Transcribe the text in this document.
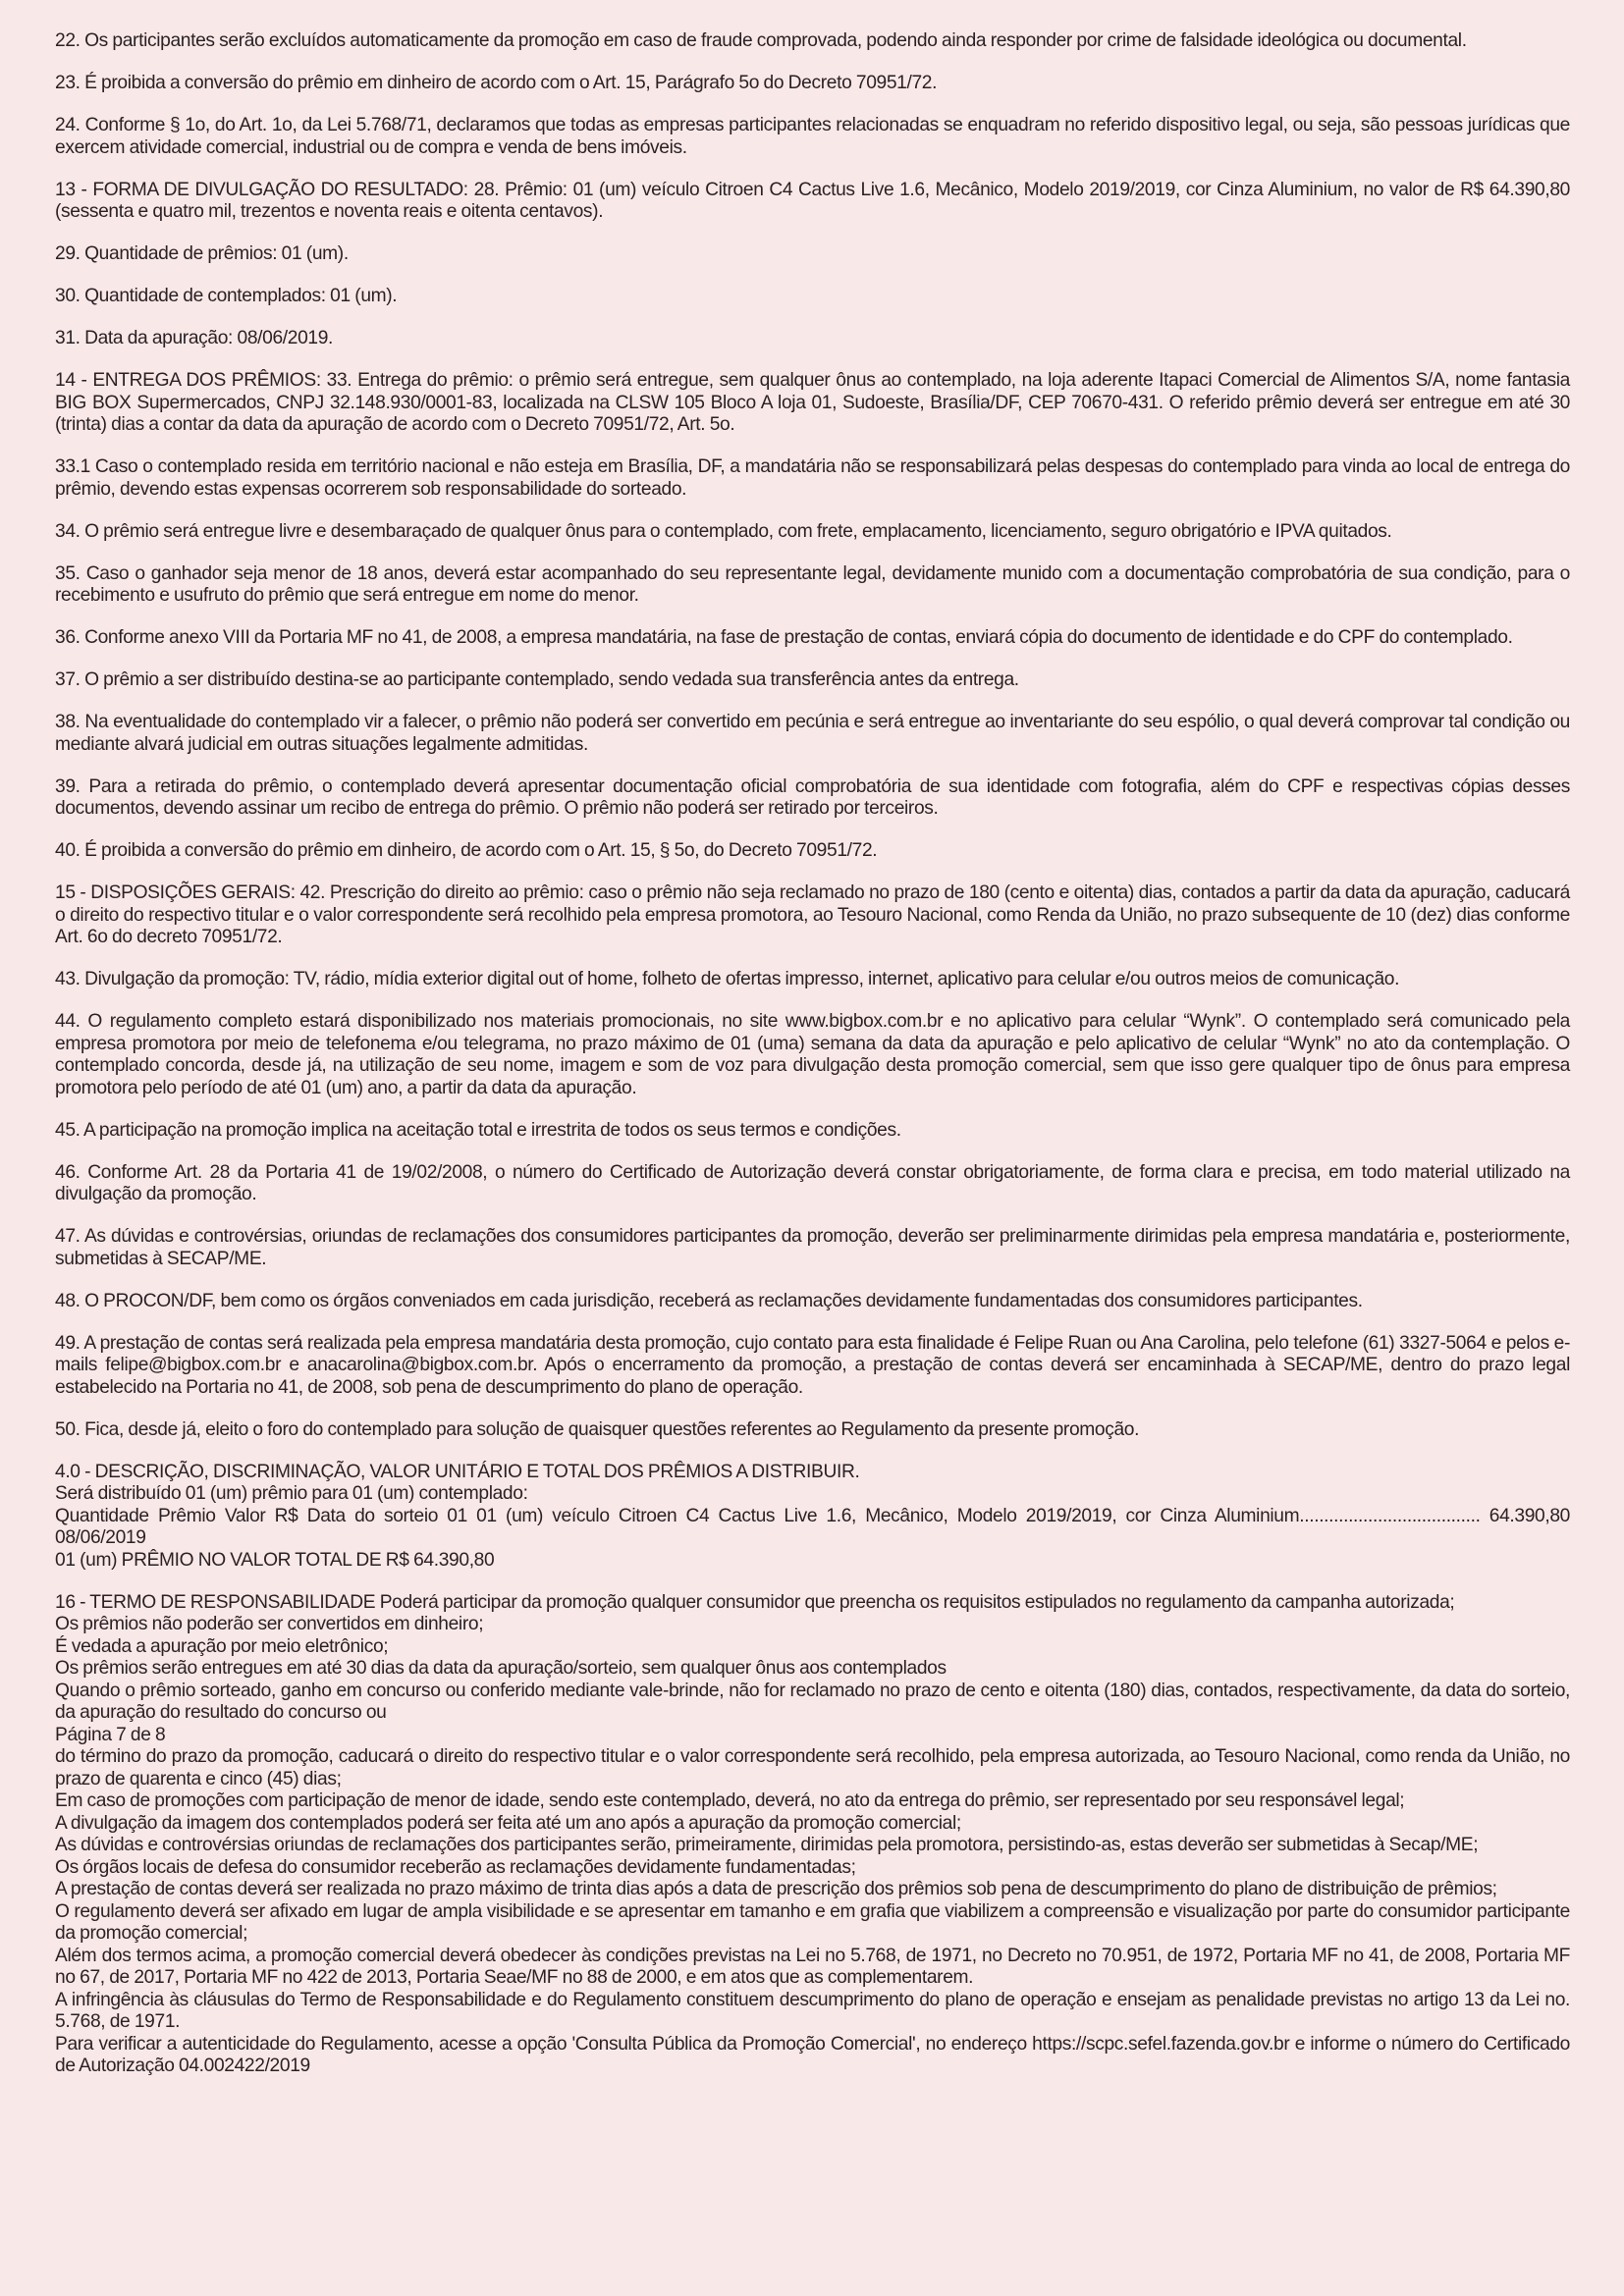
22. Os participantes serão excluídos automaticamente da promoção em caso de fraude comprovada, podendo ainda responder por crime de falsidade ideológica ou documental.

23. É proibida a conversão do prêmio em dinheiro de acordo com o Art. 15, Parágrafo 5o do Decreto 70951/72.

24. Conforme § 1o, do Art. 1o, da Lei 5.768/71, declaramos que todas as empresas participantes relacionadas se enquadram no referido dispositivo legal, ou seja, são pessoas jurídicas que exercem atividade comercial, industrial ou de compra e venda de bens imóveis.

13 - FORMA DE DIVULGAÇÃO DO RESULTADO: 28. Prêmio: 01 (um) veículo Citroen C4 Cactus Live 1.6, Mecânico, Modelo 2019/2019, cor Cinza Aluminium, no valor de R$ 64.390,80 (sessenta e quatro mil, trezentos e noventa reais e oitenta centavos).

29. Quantidade de prêmios: 01 (um).

30. Quantidade de contemplados: 01 (um).

31. Data da apuração: 08/06/2019.

14 - ENTREGA DOS PRÊMIOS: 33. Entrega do prêmio: o prêmio será entregue, sem qualquer ônus ao contemplado, na loja aderente Itapaci Comercial de Alimentos S/A, nome fantasia BIG BOX Supermercados, CNPJ 32.148.930/0001-83, localizada na CLSW 105 Bloco A loja 01, Sudoeste, Brasília/DF, CEP 70670-431. O referido prêmio deverá ser entregue em até 30 (trinta) dias a contar da data da apuração de acordo com o Decreto 70951/72, Art. 5o.

33.1 Caso o contemplado resida em território nacional e não esteja em Brasília, DF, a mandatária não se responsabilizará pelas despesas do contemplado para vinda ao local de entrega do prêmio, devendo estas expensas ocorrerem sob responsabilidade do sorteado.

34. O prêmio será entregue livre e desembaraçado de qualquer ônus para o contemplado, com frete, emplacamento, licenciamento, seguro obrigatório e IPVA quitados.

35. Caso o ganhador seja menor de 18 anos, deverá estar acompanhado do seu representante legal, devidamente munido com a documentação comprobatória de sua condição, para o recebimento e usufruto do prêmio que será entregue em nome do menor.

36. Conforme anexo VIII da Portaria MF no 41, de 2008, a empresa mandatária, na fase de prestação de contas, enviará cópia do documento de identidade e do CPF do contemplado.

37. O prêmio a ser distribuído destina-se ao participante contemplado, sendo vedada sua transferência antes da entrega.

38. Na eventualidade do contemplado vir a falecer, o prêmio não poderá ser convertido em pecúnia e será entregue ao inventariante do seu espólio, o qual deverá comprovar tal condição ou mediante alvará judicial em outras situações legalmente admitidas.

39. Para a retirada do prêmio, o contemplado deverá apresentar documentação oficial comprobatória de sua identidade com fotografia, além do CPF e respectivas cópias desses documentos, devendo assinar um recibo de entrega do prêmio. O prêmio não poderá ser retirado por terceiros.

40. É proibida a conversão do prêmio em dinheiro, de acordo com o Art. 15, § 5o, do Decreto 70951/72.

15 - DISPOSIÇÕES GERAIS: 42. Prescrição do direito ao prêmio: caso o prêmio não seja reclamado no prazo de 180 (cento e oitenta) dias, contados a partir da data da apuração, caducará o direito do respectivo titular e o valor correspondente será recolhido pela empresa promotora, ao Tesouro Nacional, como Renda da União, no prazo subsequente de 10 (dez) dias conforme Art. 6o do decreto 70951/72.

43. Divulgação da promoção: TV, rádio, mídia exterior digital out of home, folheto de ofertas impresso, internet, aplicativo para celular e/ou outros meios de comunicação.

44. O regulamento completo estará disponibilizado nos materiais promocionais, no site www.bigbox.com.br e no aplicativo para celular “Wynk”. O contemplado será comunicado pela empresa promotora por meio de telefonema e/ou telegrama, no prazo máximo de 01 (uma) semana da data da apuração e pelo aplicativo de celular “Wynk” no ato da contemplação. O contemplado concorda, desde já, na utilização de seu nome, imagem e som de voz para divulgação desta promoção comercial, sem que isso gere qualquer tipo de ônus para empresa promotora pelo período de até 01 (um) ano, a partir da data da apuração.

45. A participação na promoção implica na aceitação total e irrestrita de todos os seus termos e condições.

46. Conforme Art. 28 da Portaria 41 de 19/02/2008, o número do Certificado de Autorização deverá constar obrigatoriamente, de forma clara e precisa, em todo material utilizado na divulgação da promoção.

47. As dúvidas e controvérsias, oriundas de reclamações dos consumidores participantes da promoção, deverão ser preliminarmente dirimidas pela empresa mandatária e, posteriormente, submetidas à SECAP/ME.

48. O PROCON/DF, bem como os órgãos conveniados em cada jurisdição, receberá as reclamações devidamente fundamentadas dos consumidores participantes.

49. A prestação de contas será realizada pela empresa mandatária desta promoção, cujo contato para esta finalidade é Felipe Ruan ou Ana Carolina, pelo telefone (61) 3327-5064 e pelos e-mails felipe@bigbox.com.br e anacarolina@bigbox.com.br. Após o encerramento da promoção, a prestação de contas deverá ser encaminhada à SECAP/ME, dentro do prazo legal estabelecido na Portaria no 41, de 2008, sob pena de descumprimento do plano de operação.

50. Fica, desde já, eleito o foro do contemplado para solução de quaisquer questões referentes ao Regulamento da presente promoção.

4.0 - DESCRIÇÃO, DISCRIMINAÇÃO, VALOR UNITÁRIO E TOTAL DOS PRÊMIOS A DISTRIBUIR.
Será distribuído 01 (um) prêmio para 01 (um) contemplado:
Quantidade Prêmio Valor R$ Data do sorteio 01 01 (um) veículo Citroen C4 Cactus Live 1.6, Mecânico, Modelo 2019/2019, cor Cinza Aluminium..................................... 64.390,80
08/06/2019
01 (um) PRÊMIO NO VALOR TOTAL DE R$ 64.390,80

16 - TERMO DE RESPONSABILIDADE Poderá participar da promoção qualquer consumidor que preencha os requisitos estipulados no regulamento da campanha autorizada;

Os prêmios não poderão ser convertidos em dinheiro;

É vedada a apuração por meio eletrônico;

Os prêmios serão entregues em até 30 dias da data da apuração/sorteio, sem qualquer ônus aos contemplados

Quando o prêmio sorteado, ganho em concurso ou conferido mediante vale-brinde, não for reclamado no prazo de cento e oitenta (180) dias, contados, respectivamente, da data do sorteio, da apuração do resultado do concurso ou

Página 7 de 8

do término do prazo da promoção, caducará o direito do respectivo titular e o valor correspondente será recolhido, pela empresa autorizada, ao Tesouro Nacional, como renda da União, no prazo de quarenta e cinco (45) dias;

Em caso de promoções com participação de menor de idade, sendo este contemplado, deverá, no ato da entrega do prêmio, ser representado por seu responsável legal;

A divulgação da imagem dos contemplados poderá ser feita até um ano após a apuração da promoção comercial;

As dúvidas e controvérsias oriundas de reclamações dos participantes serão, primeiramente, dirimidas pela promotora, persistindo-as, estas deverão ser submetidas à Secap/ME;

Os órgãos locais de defesa do consumidor receberão as reclamações devidamente fundamentadas;

A prestação de contas deverá ser realizada no prazo máximo de trinta dias após a data de prescrição dos prêmios sob pena de descumprimento do plano de distribuição de prêmios;

O regulamento deverá ser afixado em lugar de ampla visibilidade e se apresentar em tamanho e em grafia que viabilizem a compreensão e visualização por parte do consumidor participante da promoção comercial;

Além dos termos acima, a promoção comercial deverá obedecer às condições previstas na Lei no 5.768, de 1971, no Decreto no 70.951, de 1972, Portaria MF no 41, de 2008, Portaria MF no 67, de 2017, Portaria MF no 422 de 2013, Portaria Seae/MF no 88 de 2000, e em atos que as complementarem.

A infringência às cláusulas do Termo de Responsabilidade e do Regulamento constituem descumprimento do plano de operação e ensejam as penalidade previstas no artigo 13 da Lei no. 5.768, de 1971.

Para verificar a autenticidade do Regulamento, acesse a opção 'Consulta Pública da Promoção Comercial', no endereço https://scpc.sefel.fazenda.gov.br e informe o número do Certificado de Autorização 04.002422/2019
